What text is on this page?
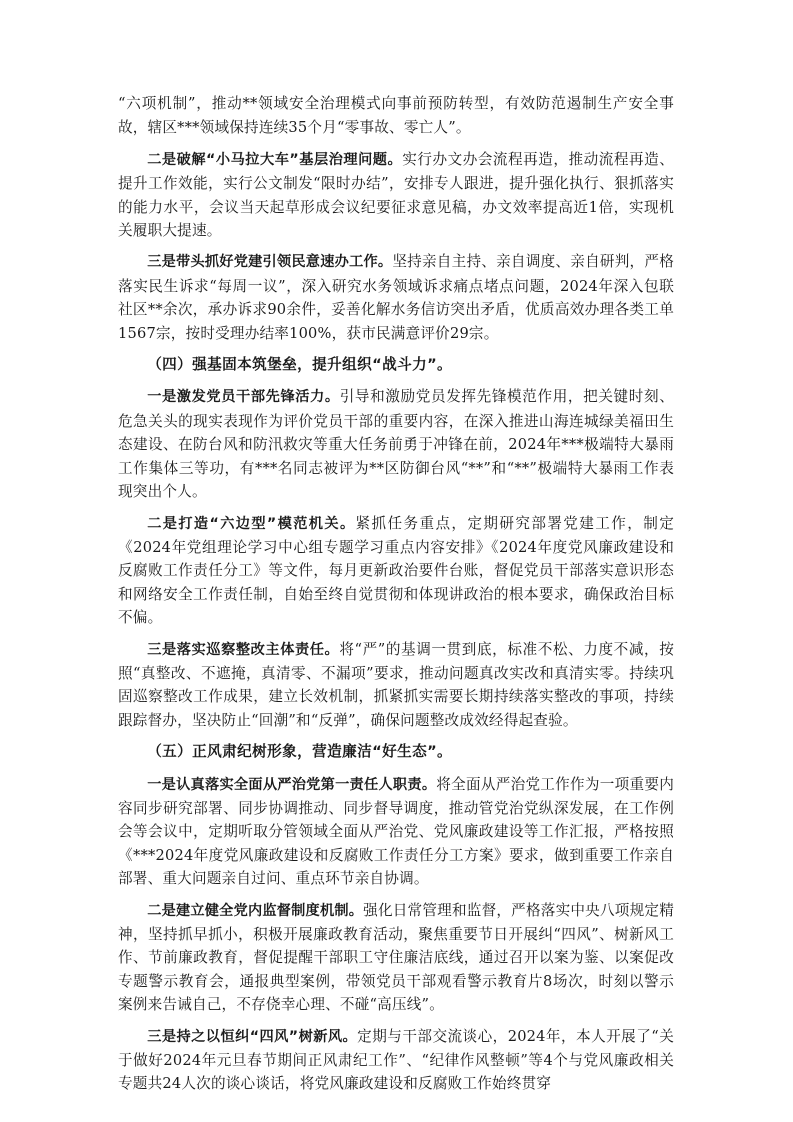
“六项机制”，推动**领域安全治理模式向事前预防转型，有效防范遏制生产安全事故，辖区***领域保持连续35个月“零事故、零亡人”。

二是破解“小马拉大车”基层治理问题。实行办文办会流程再造，推动流程再造、提升工作效能，实行公文制发“限时办结”，安排专人跟进，提升强化执行、狠抓落实的能力水平，会议当天起草形成会议纪要征求意见稿，办文效率提高近1倍，实现机关履职大提速。

三是带头抓好党建引领民意速办工作。坚持亲自主持、亲自调度、亲自研判，严格落实民生诉求“每周一议”，深入研究水务领域诉求痛点堵点问题，2024年深入包联社区**余次，承办诉求90余件，妥善化解水务信访突出矛盾，优质高效办理各类工单1567宗，按时受理办结率100%，获市民满意评价29宗。

（四）强基固本筑堡垒，提升组织“战斗力”。

一是激发党员干部先锋活力。引导和激励党员发挥先锋模范作用，把关键时刻、危急关头的现实表现作为评价党员干部的重要内容，在深入推进山海连城绿美福田生态建设、在防台风和防汛救灾等重大任务前勇于冲锋在前，2024年***极端特大暴雨工作集体三等功，有***名同志被评为**区防御台风“**”和“**”极端特大暴雨工作表现突出个人。

二是打造“六边型”模范机关。紧抓任务重点，定期研究部署党建工作，制定《2024年党组理论学习中心组专题学习重点内容安排》《2024年度党风廉政建设和反腐败工作责任分工》等文件，每月更新政治要件台账，督促党员干部落实意识形态和网络安全工作责任制，自始至终自觉贯彻和体现讲政治的根本要求，确保政治目标不偏。

三是落实巡察整改主体责任。将“严”的基调一贯到底，标准不松、力度不减，按照“真整改、不遮掩，真清零、不漏项”要求，推动问题真改实改和真清实零。持续巩固巡察整改工作成果，建立长效机制，抓紧抓实需要长期持续落实整改的事项，持续跟踪督办，坚决防止“回潮”和“反弹”，确保问题整改成效经得起查验。

（五）正风肃纪树形象，营造廉洁“好生态”。

一是认真落实全面从严治党第一责任人职责。将全面从严治党工作作为一项重要内容同步研究部署、同步协调推动、同步督导调度，推动管党治党纵深发展，在工作例会等会议中，定期听取分管领域全面从严治党、党风廉政建设等工作汇报，严格按照《***2024年度党风廉政建设和反腐败工作责任分工方案》要求，做到重要工作亲自部署、重大问题亲自过问、重点环节亲自协调。

二是建立健全党内监督制度机制。强化日常管理和监督，严格落实中央八项规定精神，坚持抓早抓小，积极开展廉政教育活动，聚焦重要节日开展纠“四风”、树新风工作、节前廉政教育，督促提醒干部职工守住廉洁底线，通过召开以案为鉴、以案促改专题警示教育会，通报典型案例，带领党员干部观看警示教育片8场次，时刻以警示案例来告诫自己，不存侥幸心理、不碰“高压线”。

三是持之以恒纠“四风”树新风。定期与干部交流谈心，2024年，本人开展了“关于做好2024年元旦春节期间正风肃纪工作”、“纪律作风整顿”等4个与党风廉政相关专题共24人次的谈心谈话，将党风廉政建设和反腐败工作始终贯穿
